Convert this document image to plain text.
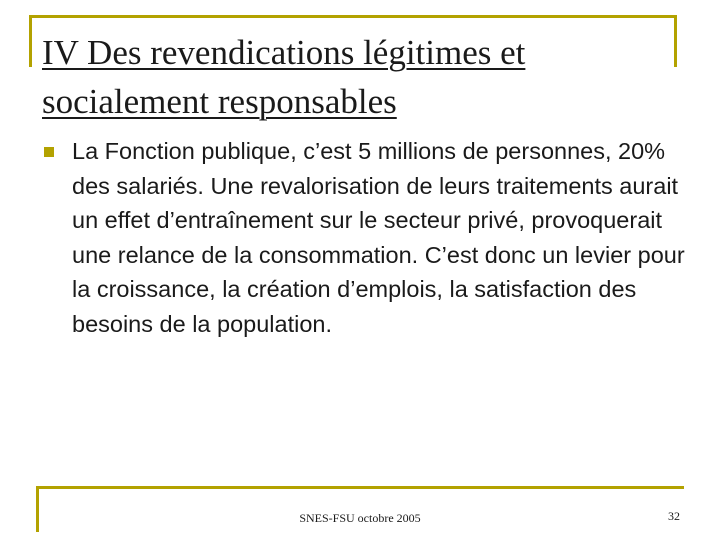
IV Des revendications légitimes et socialement responsables
La Fonction publique, c’est 5 millions de personnes, 20% des salariés. Une revalorisation de leurs traitements aurait un effet d’entraînement sur le secteur privé, provoquerait une relance de la consommation. C’est donc un levier pour la croissance, la création d’emplois, la satisfaction des besoins de la population.
SNES-FSU octobre 2005	32
